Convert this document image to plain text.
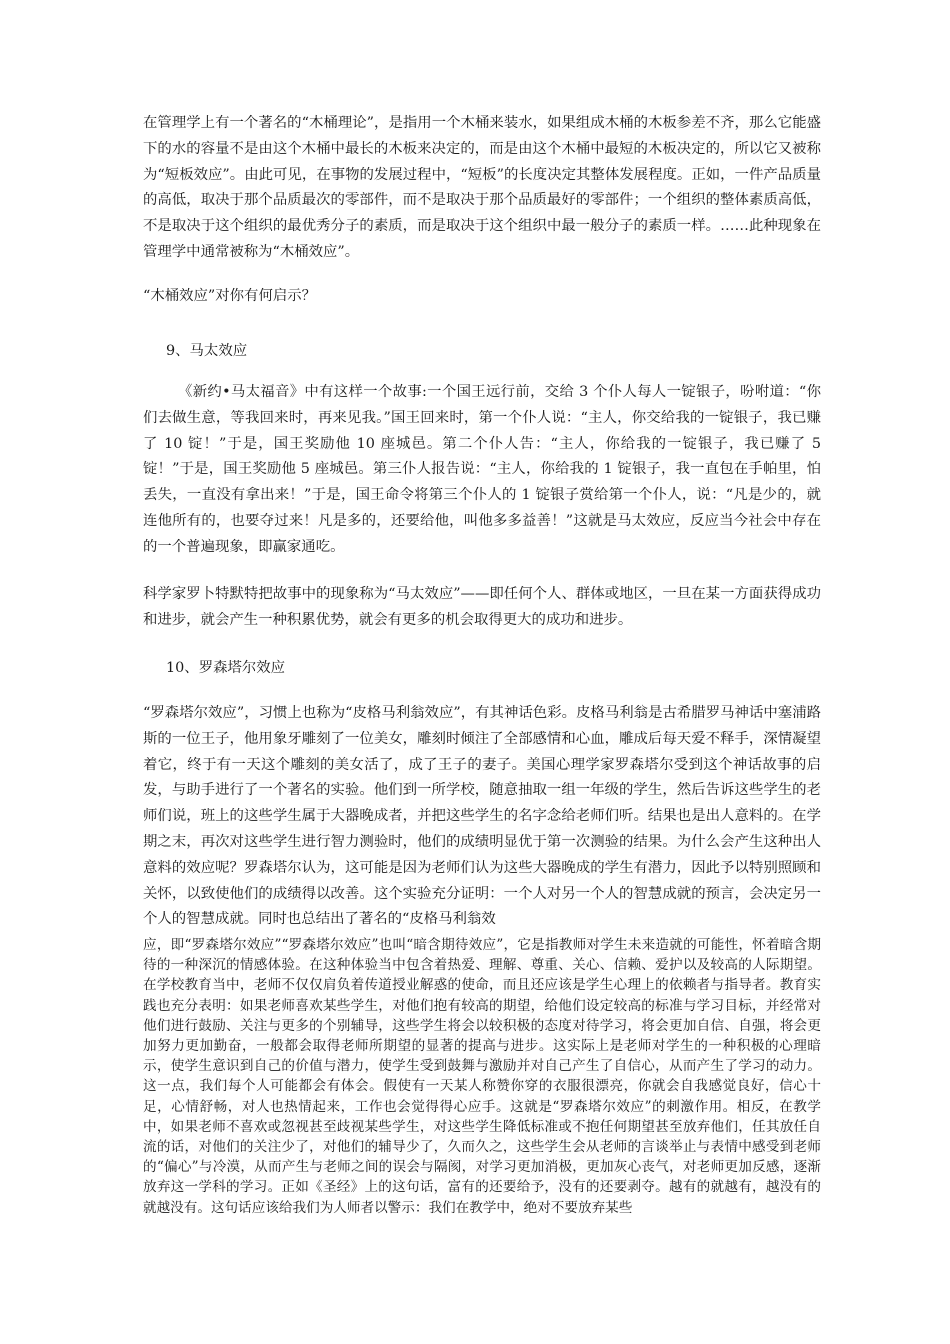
在管理学上有一个著名的“木桶理论”，是指用一个木桶来装水，如果组成木桶的木板参差不齐，那么它能盛下的水的容量不是由这个木桶中最长的木板来决定的，而是由这个木桶中最短的木板决定的，所以它又被称为“短板效应”。由此可见，在事物的发展过程中，“短板”的长度决定其整体发展程度。正如，一件产品质量的高低，取决于那个品质最次的零部件，而不是取决于那个品质最好的零部件；一个组织的整体素质高低，不是取决于这个组织的最优秀分子的素质，而是取决于这个组织中最一般分子的素质一样。……此种现象在管理学中通常被称为“木桶效应”。

“木桶效应”对你有何启示？

9、马太效应

《新约•马太福音》中有这样一个故事:一个国王远行前，交给 3 个仆人每人一锭银子，吩咐道：“你们去做生意，等我回来时，再来见我。”国王回来时，第一个仆人说：“主人，你交给我的一锭银子，我已赚了 10 锭！”于是，国王奖励他 10 座城邑。第二个仆人告：“主人，你给我的一锭银子，我已赚了 5 锭！”于是，国王奖励他 5 座城邑。第三仆人报告说：“主人，你给我的 1 锭银子，我一直包在手帕里，怕丢失，一直没有拿出来！”于是，国王命令将第三个仆人的 1 锭银子赏给第一个仆人，说：“凡是少的，就连他所有的，也要夺过来！凡是多的，还要给他，叫他多多益善！”这就是马太效应，反应当今社会中存在的一个普遍现象，即赢家通吃。

科学家罗卜特默特把故事中的现象称为“马太效应”——即任何个人、群体或地区，一旦在某一方面获得成功和进步，就会产生一种积累优势，就会有更多的机会取得更大的成功和进步。

10、罗森塔尔效应

“罗森塔尔效应”，习惯上也称为“皮格马利翁效应”，有其神话色彩。皮格马利翁是古希腊罗马神话中塞浦路斯的一位王子，他用象牙雕刻了一位美女，雕刻时倾注了全部感情和心血，雕成后每天爱不释手，深情凝望着它，终于有一天这个雕刻的美女活了，成了王子的妻子。美国心理学家罗森塔尔受到这个神话故事的启发，与助手进行了一个著名的实验。他们到一所学校，随意抽取一组一年级的学生，然后告诉这些学生的老师们说，班上的这些学生属于大器晚成者，并把这些学生的名字念给老师们听。结果也是出人意料的。在学期之末，再次对这些学生进行智力测验时，他们的成绩明显优于第一次测验的结果。为什么会产生这种出人意料的效应呢？罗森塔尔认为，这可能是因为老师们认为这些大器晚成的学生有潜力，因此予以特别照顾和关怀，以致使他们的成绩得以改善。这个实验充分证明：一个人对另一个人的智慧成就的预言，会决定另一个人的智慧成就。同时也总结出了著名的“皮格马利翁效

应，即“罗森塔尔效应”“罗森塔尔效应”也叫“暗含期待效应”，它是指教师对学生未来造就的可能性，怀着暗含期待的一种深沉的情感体验。在这种体验当中包含着热爱、理解、尊重、关心、信赖、爱护以及较高的人际期望。在学校教育当中，老师不仅仅肩负着传道授业解惑的使命，而且还应该是学生心理上的依赖者与指导者。教育实践也充分表明：如果老师喜欢某些学生，对他们抱有较高的期望，给他们设定较高的标准与学习目标，并经常对他们进行鼓励、关注与更多的个别辅导，这些学生将会以较积极的态度对待学习，将会更加自信、自强，将会更加努力更加勤奋，一般都会取得老师所期望的显著的提高与进步。这实际上是老师对学生的一种积极的心理暗示，使学生意识到自己的价值与潜力，使学生受到鼓舞与激励并对自己产生了自信心，从而产生了学习的动力。这一点，我们每个人可能都会有体会。假使有一天某人称赞你穿的衣服很漂亮，你就会自我感觉良好，信心十足，心情舒畅，对人也热情起来，工作也会觉得得心应手。这就是“罗森塔尔效应”的刺激作用。相反，在教学中，如果老师不喜欢或忽视甚至歧视某些学生，对这些学生降低标准或不抱任何期望甚至放弃他们，任其放任自流的话，对他们的关注少了，对他们的辅导少了，久而久之，这些学生会从老师的言谈举止与表情中感受到老师的“偏心”与冷漠，从而产生与老师之间的误会与隔阂，对学习更加消极，更加灰心丧气，对老师更加反感，逐渐放弃这一学科的学习。正如《圣经》上的这句话，富有的还要给予，没有的还要剥夺。越有的就越有，越没有的就越没有。这句话应该给我们为人师者以警示：我们在教学中，绝对不要放弃某些
